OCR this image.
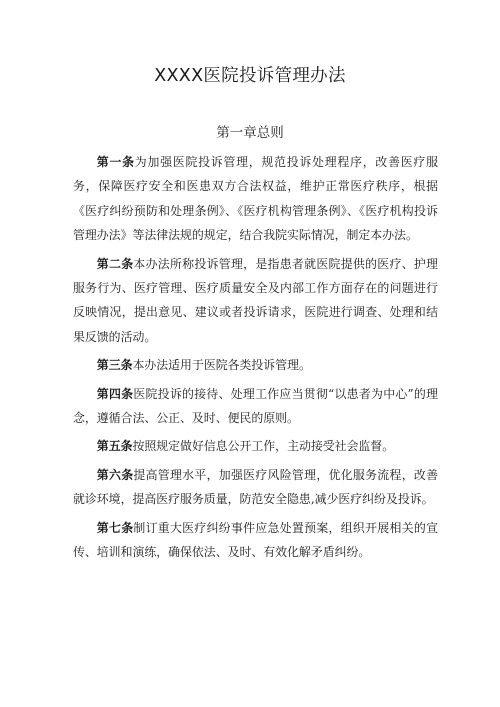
XXXX医院投诉管理办法
第一章总则

第一条为加强医院投诉管理，规范投诉处理程序，改善医疗服务，保障医疗安全和医患双方合法权益，维护正常医疗秩序，根据《医疗纠纷预防和处理条例》、《医疗机构管理条例》、《医疗机构投诉管理办法》等法律法规的规定，结合我院实际情况，制定本办法。

第二条本办法所称投诉管理，是指患者就医院提供的医疗、护理服务行为、医疗管理、医疗质量安全及内部工作方面存在的问题进行反映情况，提出意见、建议或者投诉请求，医院进行调查、处理和结果反馈的活动。

第三条本办法适用于医院各类投诉管理。

第四条医院投诉的接待、处理工作应当贯彻“以患者为中心”的理念，遵循合法、公正、及时、便民的原则。

第五条按照规定做好信息公开工作，主动接受社会监督。

第六条提高管理水平，加强医疗风险管理，优化服务流程，改善就诊环境，提高医疗服务质量，防范安全隐患,减少医疗纠纷及投诉。

第七条制订重大医疗纠纷事件应急处置预案，组织开展相关的宣传、培训和演练，确保依法、及时、有效化解矛盾纠纷。
